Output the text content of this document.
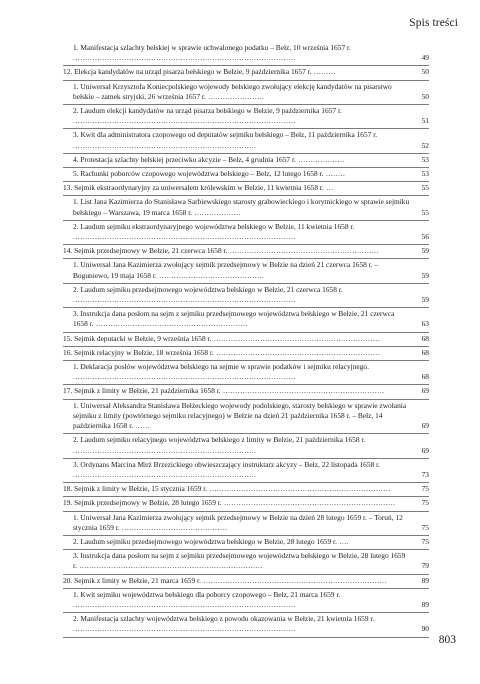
Spis treści
1. Manifestacja szlachty bełskiej w sprawie uchwalonego podatku – Bełz, 10 września 1657 r. ...........................................................................................	49
12. Elekcja kandydatów na urząd pisarza bełskiego w Bełzie, 9 października 1657 r. .........	50
1. Uniwersał Krzysztofa Koniecpolskiego wojewody bełskiego zwołujący elekcję kandydatów na pisarstwo bełskie – zamek stryjski, 26 września 1657 r. .......................	50
2. Laudum elekcji kandydatów na urząd pisarza bełskiego w Bełzie, 9 października 1657 r. ...........................................................................................	51
3. Kwit dla administratora czopowego od deputatów sejmiku bełskiego – Bełz, 11 października 1657 r. ...........................................................................	52
4. Protestacja szlachty bełskiej przeciwko akcyzie – Bełz, 4 grudnia 1657 r. ...................	53
5. Rachunki poborców czopowego województwa bełskiego – Bełz, 12 lutego 1658 r. ........	53
13. Sejmik ekstraordynaryjny za uniwersałem królewskim w Bełzie, 11 kwietnia 1658 r. ...	55
1. List Jana Kazimierza do Stanisława Sarbiewskiego starosty grabowieckiego i korytnickiego w sprawie sejmiku bełskiego – Warszawa, 19 marca 1658 r. ...................	55
2. Laudum sejmiku ekstraordynaryjnego województwa bełskiego w Bełzie, 11 kwietnia 1658 r. ...........................................................................................	56
14. Sejmik przedsejmowy w Bełzie, 21 czerwca 1658 r. .............................................................	59
1. Uniwersał Jana Kazimierza zwołujący sejmik przedsejmowy w Bełzie na dzień 21 czerwca 1658 r. – Boguniewo, 19 maja 1658 r. ...........................................	59
2. Laudum sejmiku przedsejmowego województwa bełskiego w Bełzie, 21 czerwca 1658 r. ...........................................................................................	59
3. Instrukcja dana posłom na sejm z sejmiku przedsejmowego województwa bełskiego w Bełzie, 21 czerwca 1658 r. ..............................................................	63
15. Sejmik deputacki w Bełzie, 9 września 1658 r. ....................................................................	68
16. Sejmik relacyjny w Bełzie, 18 września 1658 r. ...................................................................	68
1. Deklaracja posłów województwa bełskiego na sejmie w sprawie podatków i sejmiku relacyjnego. ...........................................................................................	68
17. Sejmik z limity w Bełzie, 21 października 1658 r. ..................................................................	69
1. Uniwersał Aleksandra Stanisława Bełżeckiego wojewody podolskiego, starosty bełskiego w sprawie zwołania sejmiku z limity (powtórnego sejmiku relacyjnego) w Bełzie na dzień 21 października 1658 r. – Bełz, 14 października 1658 r. ......	69
2. Laudum sejmiku relacyjnego województwa bełskiego z limity w Bełzie, 21 października 1658 r. ...........................................................................	69
3. Ordynans Marcina Mirż Brzezickiego obwieszczający instruktarz akcyzy – Bełz, 22 listopada 1658 r. ...........................................................................	73
18. Sejmik z limity w Bełzie, 15 stycznia 1659 r. ..........................................................................	75
19. Sejmik przedsejmowy w Bełzie, 28 lutego 1659 r. ......................................................................	75
1. Uniwersał Jana Kazimierza zwołujący sejmik przedsejmowy w Bełzie na dzień 28 lutego 1659 r. – Toruń, 12 stycznia 1659 r. ...........................................	75
2. Laudum sejmiku przedsejmowego województwa bełskiego w Bełzie, 28 lutego 1659 r. ....	75
3. Instrukcja dana posłom na sejm z sejmiku przedsejmowego województwa bełskiego w Bełzie, 28 lutego 1659 r. ...........................................................................	79
20. Sejmik z limity w Bełzie, 21 marca 1659 r. ...........................................................................	89
1. Kwit sejmiku województwa bełskiego dla poborcy czopowego – Bełz, 21 marca 1659 r. ...........................................................................................	89
2. Manifestacja szlachty województwa bełskiego z powodu okazowania w Bełzie, 21 kwietnia 1659 r. ...........................................................................................	90
803
